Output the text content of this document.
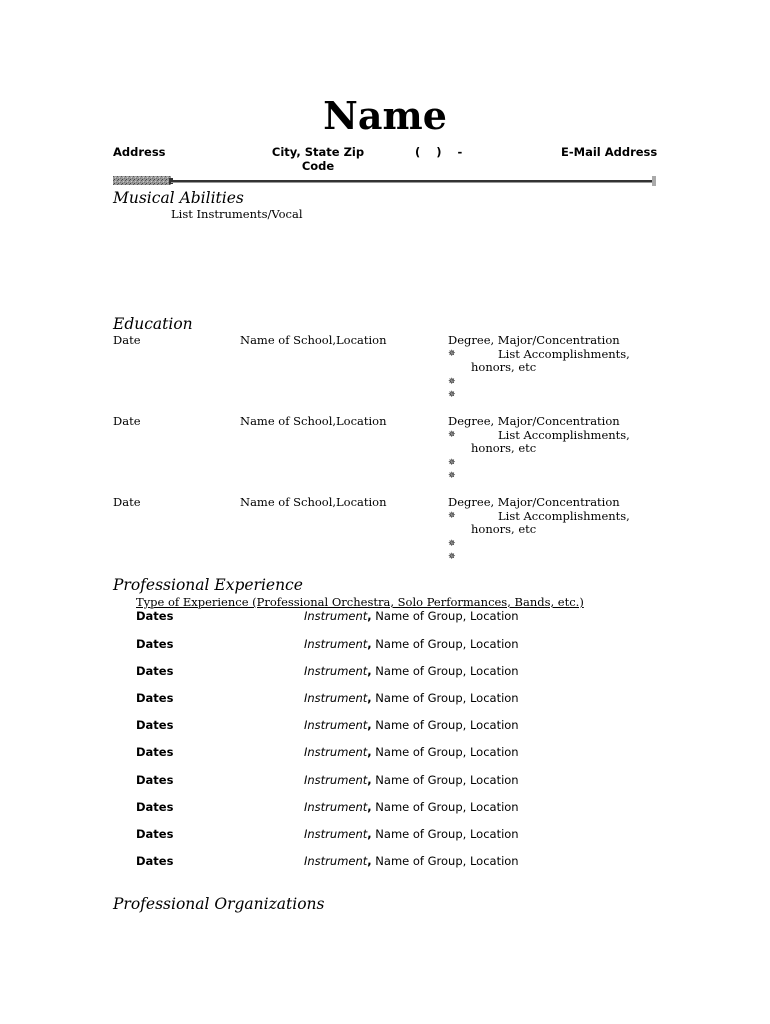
Name
Address	City, State Zip Code
(    )    -	E-Mail Address
Musical Abilities
List Instruments/Vocal
Education
Date	Name of School,Location	Degree, Major/Concentration
✵	List Accomplishments,
honors, etc
✵
✵
Date	Name of School,Location	Degree, Major/Concentration
✵	List Accomplishments,
honors, etc
✵
✵
Date	Name of School,Location	Degree, Major/Concentration
✵	List Accomplishments,
honors, etc
✵
✵
Professional Experience
Type of Experience (Professional Orchestra, Solo Performances, Bands, etc.)
Dates	Instrument, Name of Group, Location
Dates	Instrument, Name of Group, Location
Dates	Instrument, Name of Group, Location
Dates	Instrument, Name of Group, Location
Dates	Instrument, Name of Group, Location
Dates	Instrument, Name of Group, Location
Dates	Instrument, Name of Group, Location
Dates	Instrument, Name of Group, Location
Dates	Instrument, Name of Group, Location
Dates	Instrument, Name of Group, Location
Professional Organizations
